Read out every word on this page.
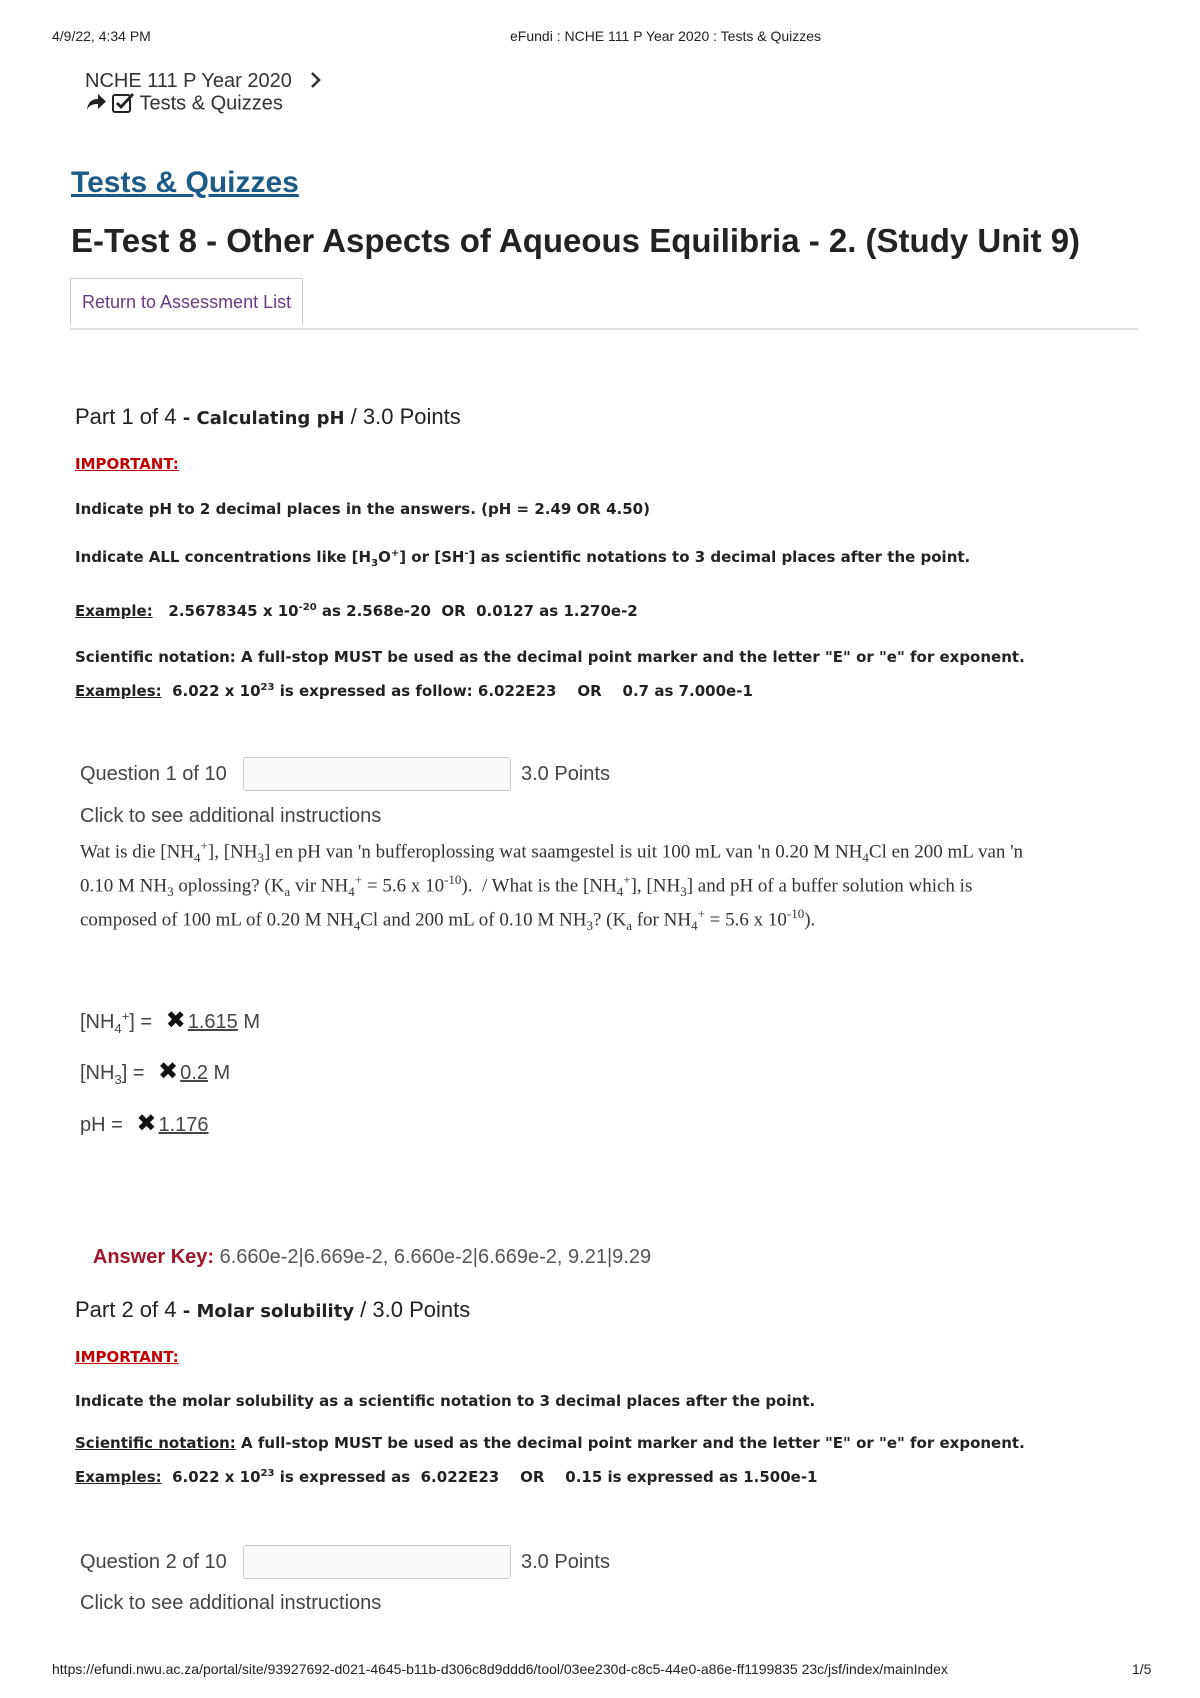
4/9/22, 4:34 PM	eFundi : NCHE 111 P Year 2020 : Tests & Quizzes
NCHE 111 P Year 2020
Tests & Quizzes
Tests & Quizzes
E-Test 8 - Other Aspects of Aqueous Equilibria - 2. (Study Unit 9)
Return to Assessment List
Part 1 of 4 - Calculating pH / 3.0 Points
IMPORTANT:
Indicate pH to 2 decimal places in the answers. (pH = 2.49 OR 4.50)
Indicate ALL concentrations like $[H_3O^+]$ or [SH-] as scientific notations to 3 decimal places after the point.
Example:   2.5678345 x $10^{-20}$ as 2.568e-20  OR  0.0127 as 1.270e-2
Scientific notation: A full-stop MUST be used as the decimal point marker and the letter "E" or "e" for exponent.
Examples:  6.022 x $10^{23}$ is expressed as follow: 6.022E23    OR    0.7 as 7.000e-1
Question 1 of 10	3.0 Points
Click to see additional instructions
Wat is die $[NH_4^+]$, $[NH_3]$ en pH van 'n bufferoplossing wat saamgestel is uit 100 mL van 'n 0.20 M $NH_4Cl$ en 200 mL van 'n
0.10 M $NH_3$ oplossing? ($K_a$ vir $NH_4^+ = 5.6$ x $10^{-10}$).  / What is the $[NH_4^+]$, $[NH_3]$ and pH of a buffer solution which is
composed of 100 mL of 0.20 M $NH_4Cl$ and 200 mL of 0.10 M $NH_3$? ($K_a$ for $NH_4^+ = 5.6$ x $10^{-10}$).
$[NH_4^+]$ = ✖ 1.615 M
$[NH_3]$ = ✖ 0.2 M
pH = ✖ 1.176

Answer Key: 6.660e-2|6.669e-2, 6.660e-2|6.669e-2, 9.21|9.29

Part 2 of 4 - Molar solubility / 3.0 Points
IMPORTANT:
Indicate the molar solubility as a scientific notation to 3 decimal places after the point.
Scientific notation: A full-stop MUST be used as the decimal point marker and the letter "E" or "e" for exponent.
Examples:  6.022 x $10^{23}$ is expressed as  6.022E23    OR    0.15 is expressed as 1.500e-1
Question 2 of 10	3.0 Points
Click to see additional instructions
https://efundi.nwu.ac.za/portal/site/93927692-d021-4645-b11b-d306c8d9ddd6/tool/03ee230d-c8c5-44e0-a86e-ff1199835 23c/jsf/index/mainIndex	1/5
